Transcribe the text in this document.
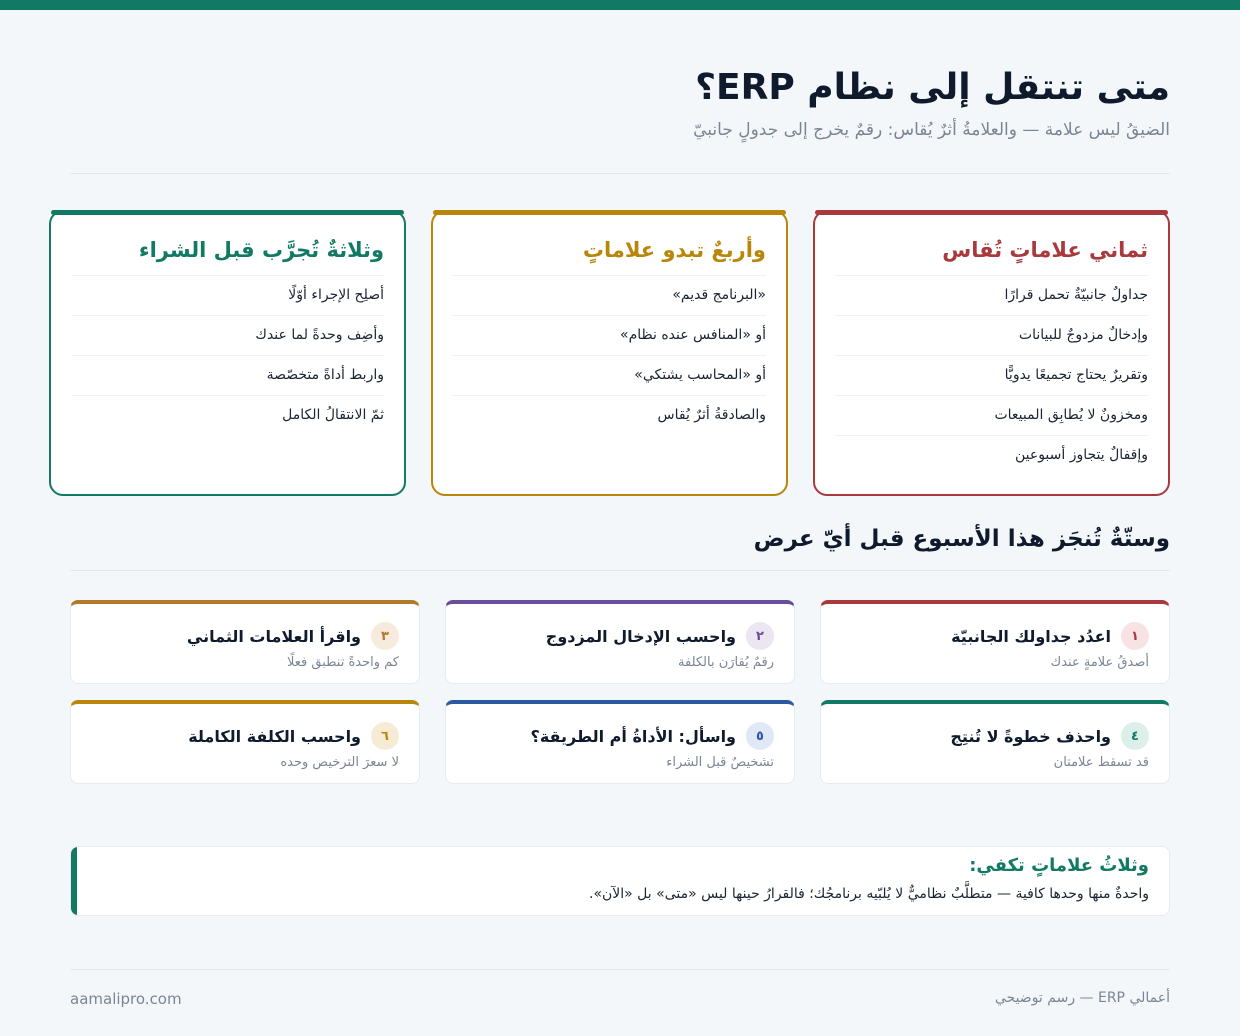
متى تنتقل إلى نظام ERP؟
الضيقُ ليس علامة — والعلامةُ أثرٌ يُقاس: رقمٌ يخرج إلى جدولٍ جانبيّ
ثماني علاماتٍ تُقاس
جداولٌ جانبيّةٌ تحمل قرارًا
وإدخالٌ مزدوجٌ للبيانات
وتقريرٌ يحتاج تجميعًا يدويًّا
ومخزونٌ لا يُطابِق المبيعات
وإقفالٌ يتجاوز أسبوعين
وأربعٌ تبدو علاماتٍ
«البرنامج قديم»
أو «المنافس عنده نظام»
أو «المحاسب يشتكي»
والصادقةُ أثرٌ يُقاس
وثلاثةٌ تُجرَّب قبل الشراء
أصلِح الإجراء أوّلًا
وأضِف وحدةً لما عندك
واربط أداةً متخصّصة
ثمّ الانتقالُ الكامل
وستّةٌ تُنجَز هذا الأسبوع قبل أيّ عرض
١
اعدُد جداولك الجانبيّة
أصدقُ علامةٍ عندك
٢
واحسب الإدخال المزدوج
رقمٌ يُقارَن بالكلفة
٣
واقرأ العلامات الثماني
كم واحدةً تنطبق فعلًا
٤
واحذف خطوةً لا تُنتِج
قد تسقط علامتان
٥
واسأل: الأداةُ أم الطريقة؟
تشخيصٌ قبل الشراء
٦
واحسب الكلفة الكاملة
لا سعرَ الترخيص وحده
وثلاثُ علاماتٍ تكفي:
واحدةٌ منها وحدها كافية — متطلَّبٌ نظاميٌّ لا يُلبّيه برنامجُك؛ فالقرارُ حينها ليس «متى» بل «الآن».
أعمالي ERP — رسم توضيحي
aamalipro.com
